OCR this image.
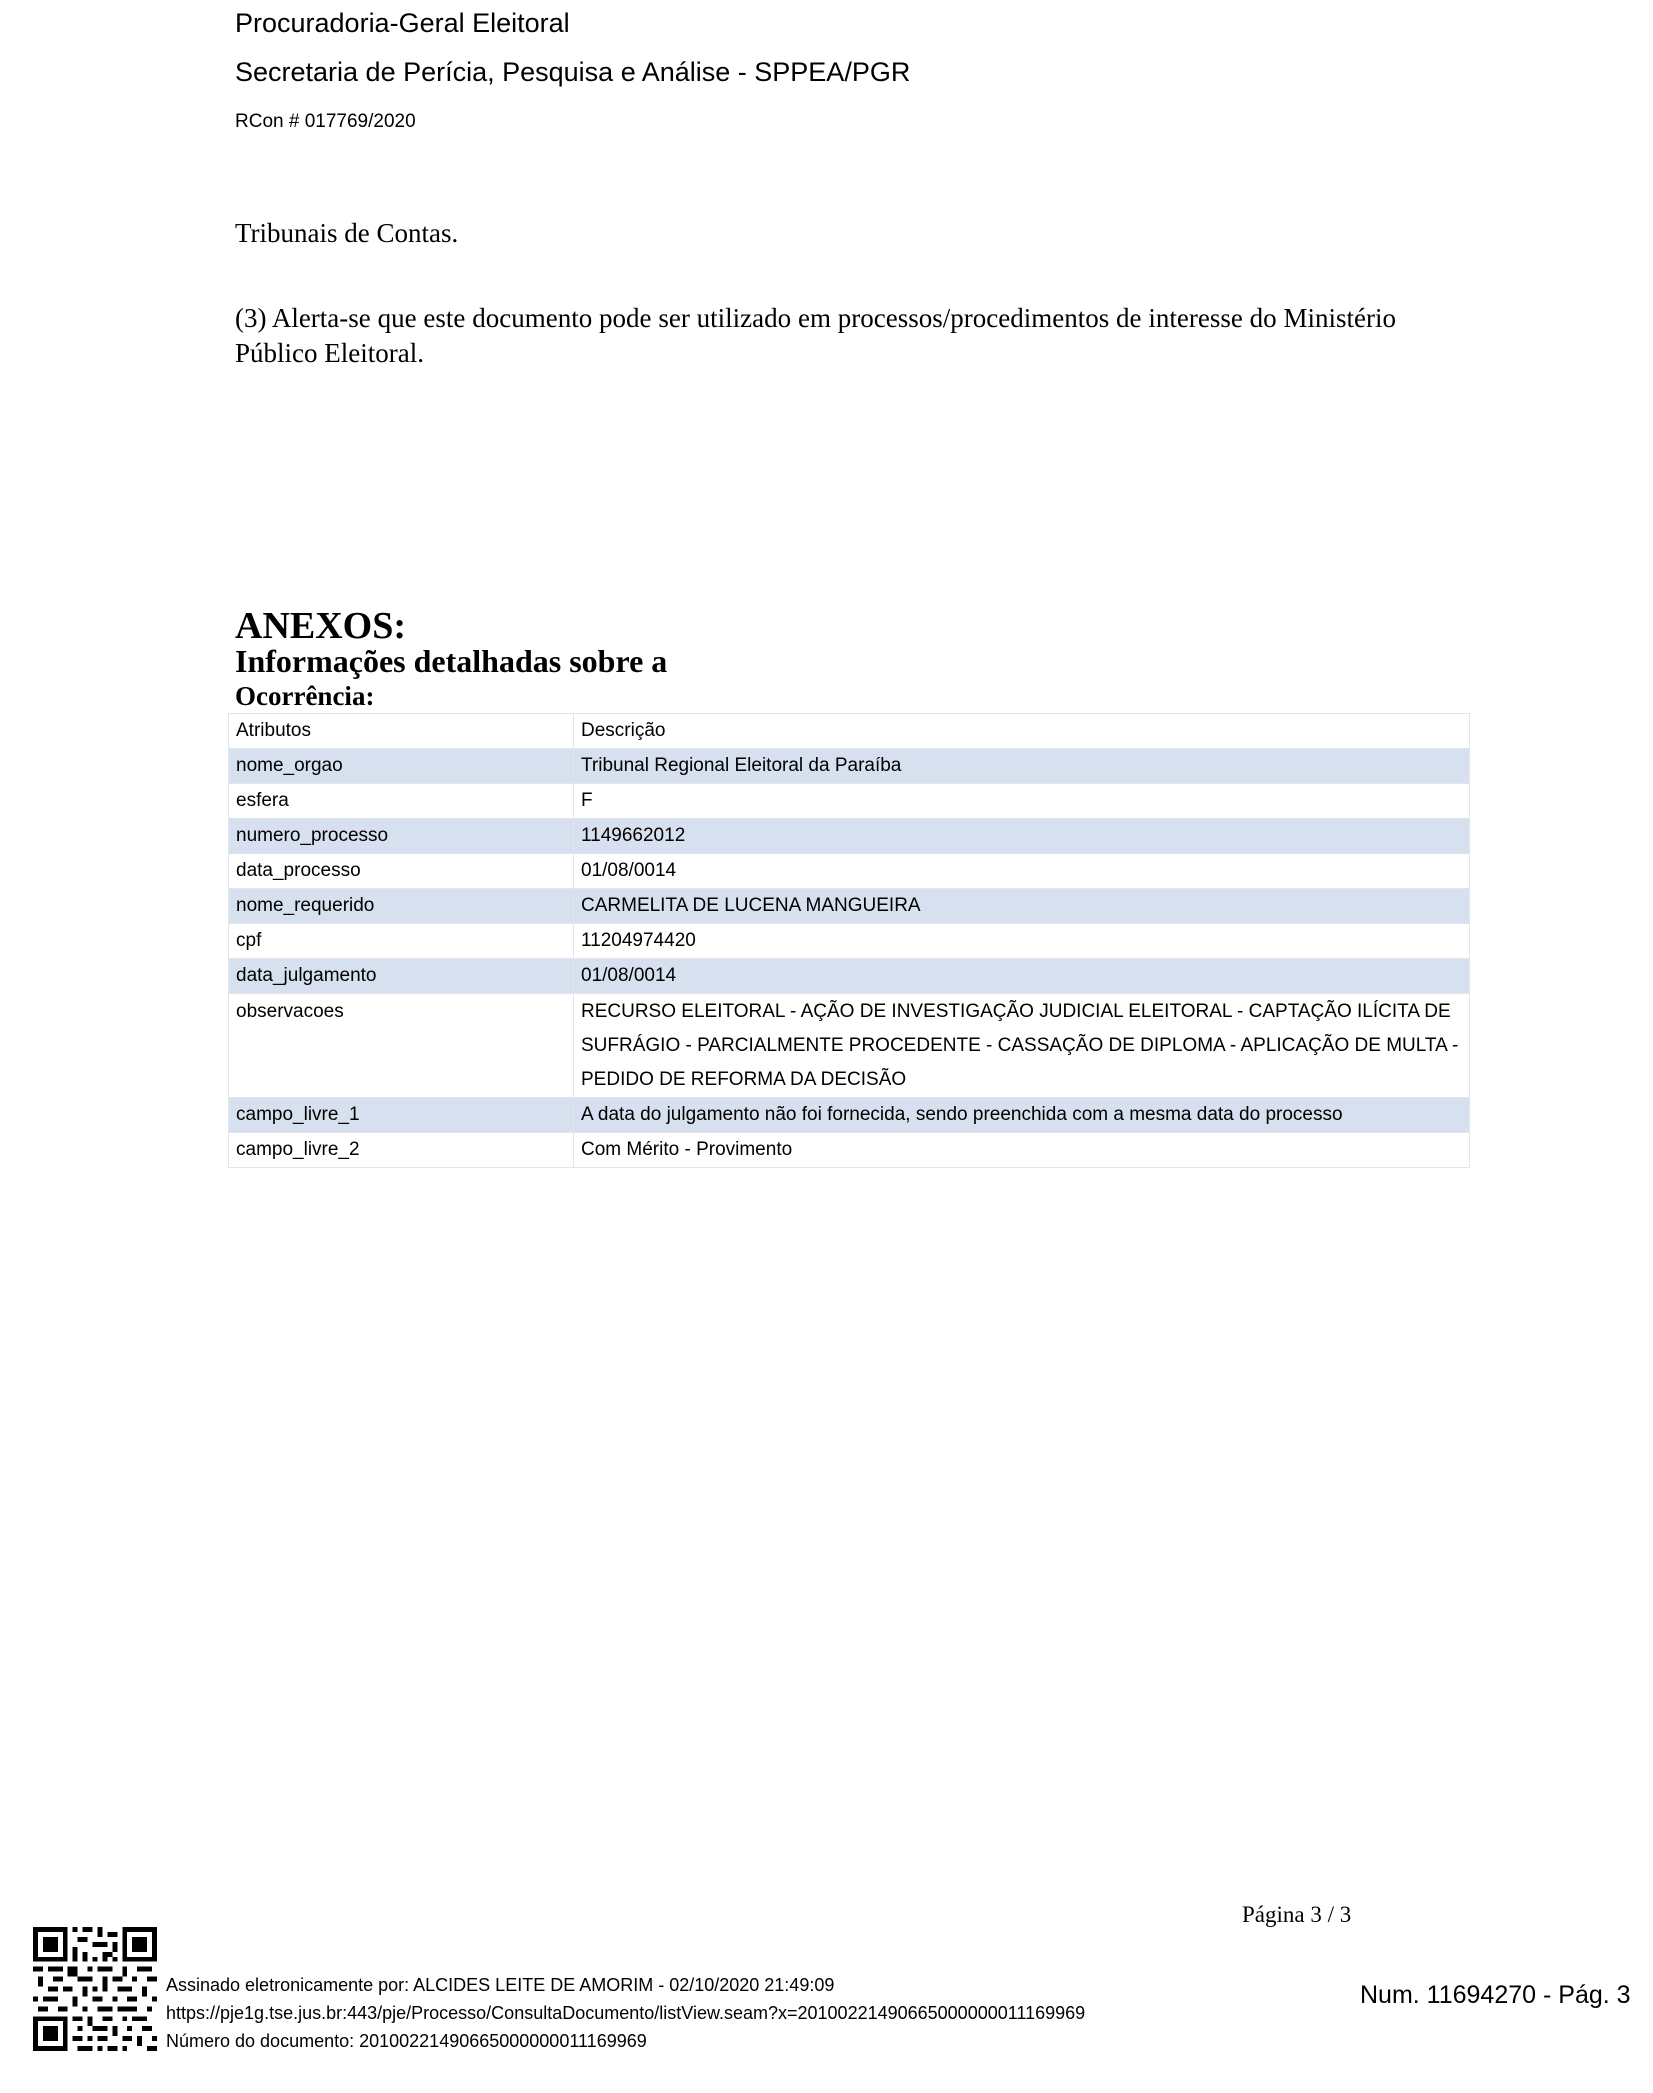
Procuradoria-Geral Eleitoral
Secretaria de Perícia, Pesquisa e Análise - SPPEA/PGR
RCon # 017769/2020
Tribunais de Contas.
(3) Alerta-se que este documento pode ser utilizado em processos/procedimentos de interesse do Ministério Público Eleitoral.
ANEXOS:
Informações detalhadas sobre a
Ocorrência:
Atributos	Descrição
nome_orgao	Tribunal Regional Eleitoral da Paraíba
esfera	F
numero_processo	1149662012
data_processo	01/08/0014
nome_requerido	CARMELITA DE LUCENA MANGUEIRA
cpf	11204974420
data_julgamento	01/08/0014
observacoes	RECURSO ELEITORAL - AÇÃO DE INVESTIGAÇÃO JUDICIAL ELEITORAL - CAPTAÇÃO ILÍCITA DE SUFRÁGIO - PARCIALMENTE PROCEDENTE - CASSAÇÃO DE DIPLOMA - APLICAÇÃO DE MULTA - PEDIDO DE REFORMA DA DECISÃO
campo_livre_1	A data do julgamento não foi fornecida, sendo preenchida com a mesma data do processo
campo_livre_2	Com Mérito - Provimento
Página 3 / 3
Assinado eletronicamente por: ALCIDES LEITE DE AMORIM - 02/10/2020 21:49:09
https://pje1g.tse.jus.br:443/pje/Processo/ConsultaDocumento/listView.seam?x=20100221490665000000011169969
Número do documento: 20100221490665000000011169969
Num. 11694270 - Pág. 3
